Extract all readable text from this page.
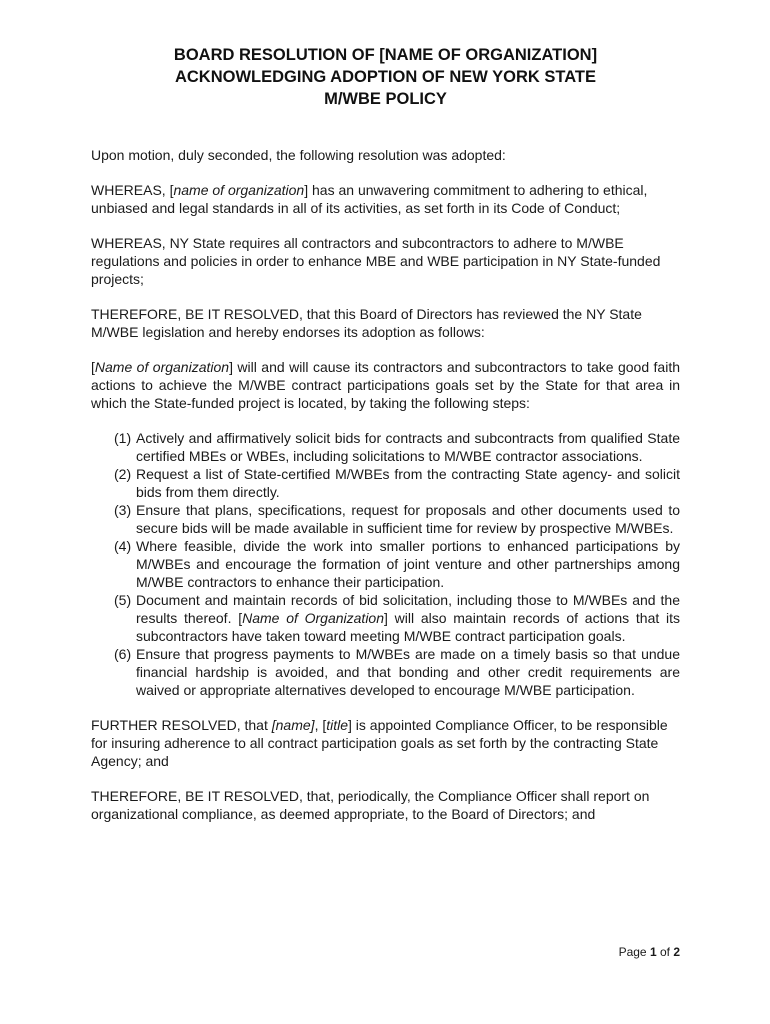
BOARD RESOLUTION OF [NAME OF ORGANIZATION]
ACKNOWLEDGING ADOPTION OF NEW YORK STATE
M/WBE POLICY

Upon motion, duly seconded, the following resolution was adopted:

WHEREAS, [name of organization] has an unwavering commitment to adhering to ethical, unbiased and legal standards in all of its activities, as set forth in its Code of Conduct;

WHEREAS, NY State requires all contractors and subcontractors to adhere to M/WBE regulations and policies in order to enhance MBE and WBE participation in NY State-funded projects;

THEREFORE, BE IT RESOLVED, that this Board of Directors has reviewed the NY State M/WBE legislation and hereby endorses its adoption as follows:

[Name of organization] will and will cause its contractors and subcontractors to take good faith actions to achieve the M/WBE contract participations goals set by the State for that area in which the State-funded project is located, by taking the following steps:

(1) Actively and affirmatively solicit bids for contracts and subcontracts from qualified State certified MBEs or WBEs, including solicitations to M/WBE contractor associations.
(2) Request a list of State-certified M/WBEs from the contracting State agency- and solicit bids from them directly.
(3) Ensure that plans, specifications, request for proposals and other documents used to secure bids will be made available in sufficient time for review by prospective M/WBEs.
(4) Where feasible, divide the work into smaller portions to enhanced participations by M/WBEs and encourage the formation of joint venture and other partnerships among M/WBE contractors to enhance their participation.
(5) Document and maintain records of bid solicitation, including those to M/WBEs and the results thereof. [Name of Organization] will also maintain records of actions that its subcontractors have taken toward meeting M/WBE contract participation goals.
(6) Ensure that progress payments to M/WBEs are made on a timely basis so that undue financial hardship is avoided, and that bonding and other credit requirements are waived or appropriate alternatives developed to encourage M/WBE participation.

FURTHER RESOLVED, that [name], [title] is appointed Compliance Officer, to be responsible for insuring adherence to all contract participation goals as set forth by the contracting State Agency; and

THEREFORE, BE IT RESOLVED, that, periodically, the Compliance Officer shall report on organizational compliance, as deemed appropriate, to the Board of Directors; and

Page 1 of 2
